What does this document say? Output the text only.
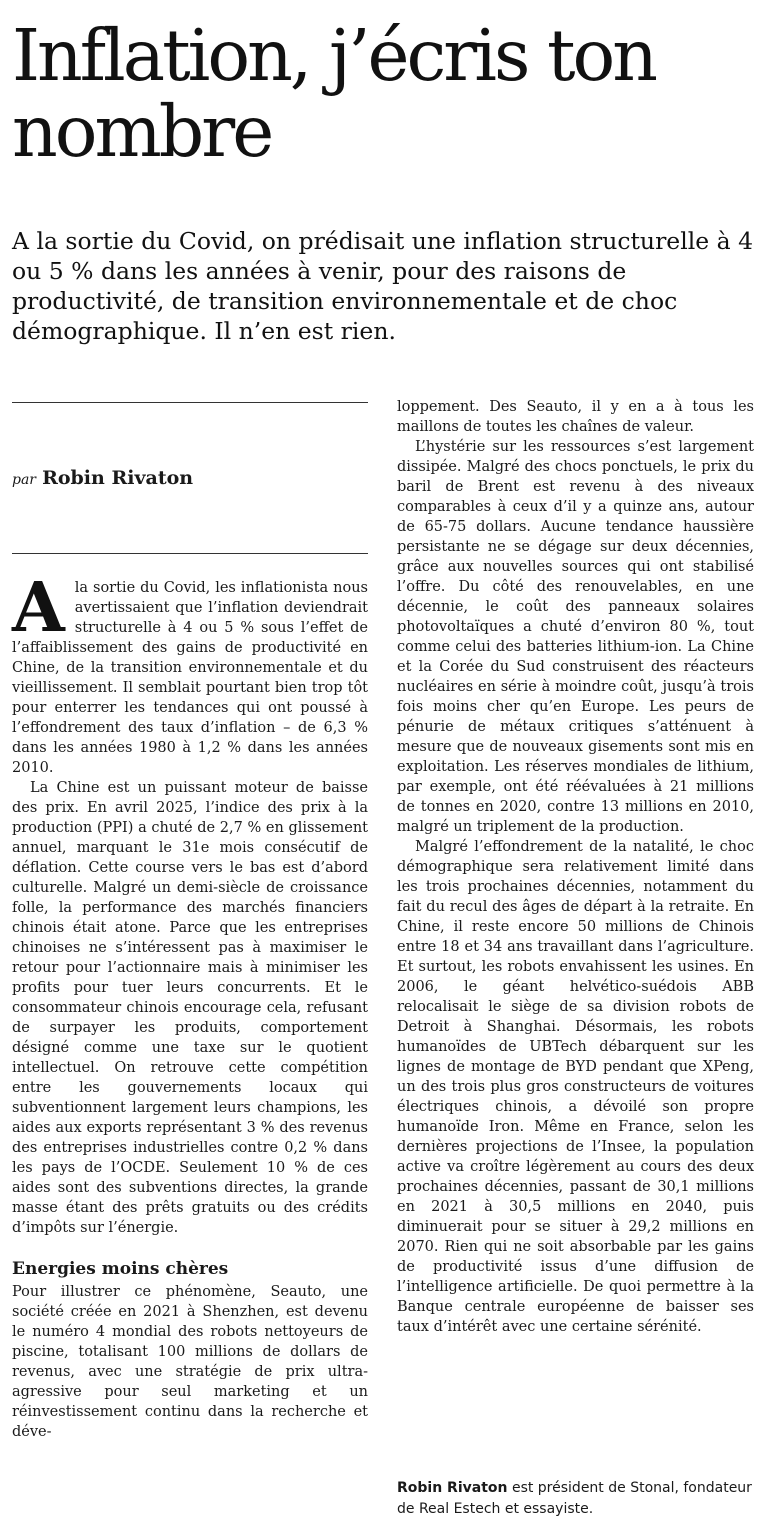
Inflation, j’écris ton nombre

A la sortie du Covid, on prédisait une inflation structurelle à 4 ou 5 % dans les années à venir, pour des raisons de productivité, de transition environnementale et de choc démographique. Il n’en est rien.

par Robin Rivaton

Ala sortie du Covid, les inflationista nous avertissaient que l’inflation deviendrait structurelle à 4 ou 5 % sous l’effet de l’affaiblissement des gains de productivité en Chine, de la transition environnementale et du vieillissement. Il semblait pourtant bien trop tôt pour enterrer les tendances qui ont poussé à l’effondrement des taux d’inflation – de 6,3 % dans les années 1980 à 1,2 % dans les années 2010.

La Chine est un puissant moteur de baisse des prix. En avril 2025, l’indice des prix à la production (PPI) a chuté de 2,7 % en glissement annuel, marquant le 31e mois consécutif de déflation. Cette course vers le bas est d’abord culturelle. Malgré un demi-siècle de croissance folle, la performance des marchés financiers chinois était atone. Parce que les entreprises chinoises ne s’intéressent pas à maximiser le retour pour l’actionnaire mais à minimiser les profits pour tuer leurs concurrents. Et le consommateur chinois encourage cela, refusant de surpayer les produits, comportement désigné comme une taxe sur le quotient intellectuel. On retrouve cette compétition entre les gouvernements locaux qui subventionnent largement leurs champions, les aides aux exports représentant 3 % des revenus des entreprises industrielles contre 0,2 % dans les pays de l’OCDE. Seulement 10 % de ces aides sont des subventions directes, la grande masse étant des prêts gratuits ou des crédits d’impôts sur l’énergie.

Energies moins chères

Pour illustrer ce phénomène, Seauto, une société créée en 2021 à Shenzhen, est devenu le numéro 4 mondial des robots nettoyeurs de piscine, totalisant 100 millions de dollars de revenus, avec une stratégie de prix ultra-agressive pour seul marketing et un réinvestissement continu dans la recherche et déve-

loppement. Des Seauto, il y en a à tous les maillons de toutes les chaînes de valeur.

L’hystérie sur les ressources s’est largement dissipée. Malgré des chocs ponctuels, le prix du baril de Brent est revenu à des niveaux comparables à ceux d’il y a quinze ans, autour de 65-75 dollars. Aucune tendance haussière persistante ne se dégage sur deux décennies, grâce aux nouvelles sources qui ont stabilisé l’offre. Du côté des renouvelables, en une décennie, le coût des panneaux solaires photovoltaïques a chuté d’environ 80 %, tout comme celui des batteries lithium-ion. La Chine et la Corée du Sud construisent des réacteurs nucléaires en série à moindre coût, jusqu’à trois fois moins cher qu’en Europe. Les peurs de pénurie de métaux critiques s’atténuent à mesure que de nouveaux gisements sont mis en exploitation. Les réserves mondiales de lithium, par exemple, ont été réévaluées à 21 millions de tonnes en 2020, contre 13 millions en 2010, malgré un triplement de la production.

Malgré l’effondrement de la natalité, le choc démographique sera relativement limité dans les trois prochaines décennies, notamment du fait du recul des âges de départ à la retraite. En Chine, il reste encore 50 millions de Chinois entre 18 et 34 ans travaillant dans l’agriculture. Et surtout, les robots envahissent les usines. En 2006, le géant helvético-suédois ABB relocalisait le siège de sa division robots de Detroit à Shanghai. Désormais, les robots humanoïdes de UBTech débarquent sur les lignes de montage de BYD pendant que XPeng, un des trois plus gros constructeurs de voitures électriques chinois, a dévoilé son propre humanoïde Iron. Même en France, selon les dernières projections de l’Insee, la population active va croître légèrement au cours des deux prochaines décennies, passant de 30,1 millions en 2021 à 30,5 millions en 2040, puis diminuerait pour se situer à 29,2 millions en 2070. Rien qui ne soit absorbable par les gains de productivité issus d’une diffusion de l’intelligence artificielle. De quoi permettre à la Banque centrale européenne de baisser ses taux d’intérêt avec une certaine sérénité.

Robin Rivaton est président de Stonal, fondateur de Real Estech et essayiste.
